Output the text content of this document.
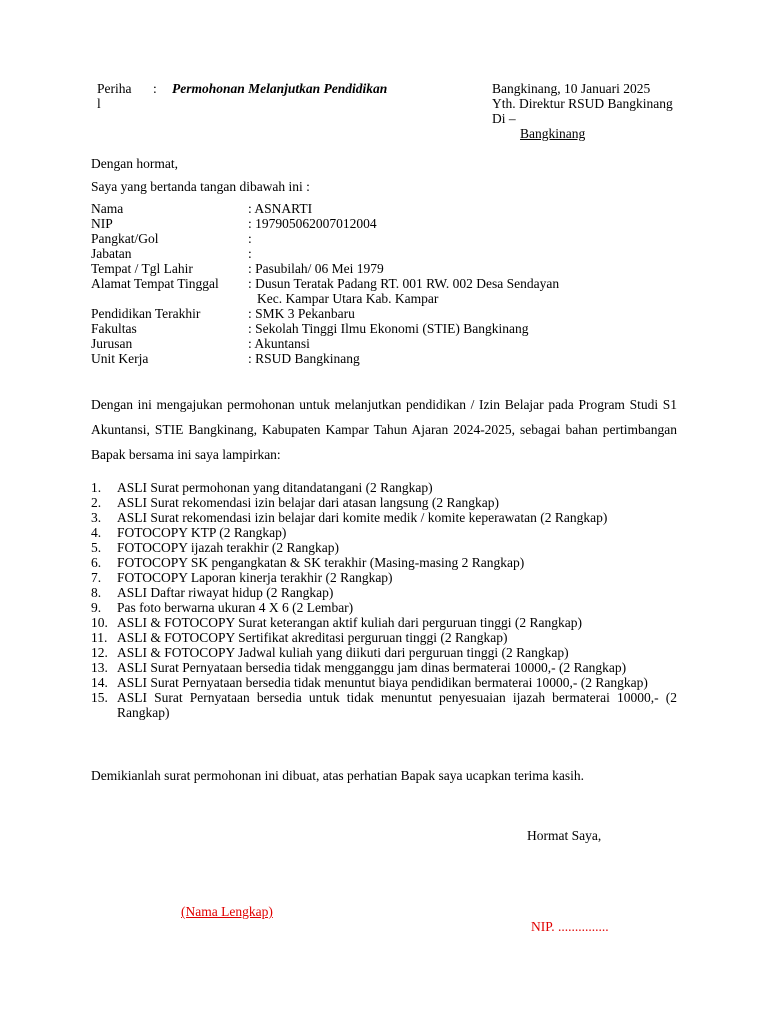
Periha
l
: Permohonan Melanjutkan Pendidikan	Bangkinang, 10 Januari 2025
Yth. Direktur RSUD Bangkinang
Di –
Bangkinang
Dengan hormat,
Saya yang bertanda tangan dibawah ini :
Nama	: ASNARTI
NIP	: 197905062007012004
Pangkat/Gol	:
Jabatan	:
Tempat / Tgl Lahir	: Pasubilah/ 06 Mei 1979
Alamat Tempat Tinggal : Dusun Teratak Padang RT. 001 RW. 002 Desa Sendayan
Kec. Kampar Utara Kab. Kampar
Pendidikan Terakhir	: SMK 3 Pekanbaru
Fakultas	: Sekolah Tinggi Ilmu Ekonomi (STIE) Bangkinang
Jurusan	: Akuntansi
Unit Kerja	: RSUD Bangkinang
Dengan ini mengajukan permohonan untuk melanjutkan pendidikan / Izin Belajar pada Program Studi S1 Akuntansi, STIE Bangkinang, Kabupaten Kampar Tahun Ajaran 2024-2025, sebagai bahan pertimbangan Bapak bersama ini saya lampirkan:
1. ASLI Surat permohonan yang ditandatangani (2 Rangkap)
2. ASLI Surat rekomendasi izin belajar dari atasan langsung (2 Rangkap)
3. ASLI Surat rekomendasi izin belajar dari komite medik / komite keperawatan (2 Rangkap)
4. FOTOCOPY KTP (2 Rangkap)
5. FOTOCOPY ijazah terakhir (2 Rangkap)
6. FOTOCOPY SK pengangkatan & SK terakhir (Masing-masing 2 Rangkap)
7. FOTOCOPY Laporan kinerja terakhir (2 Rangkap)
8. ASLI Daftar riwayat hidup (2 Rangkap)
9. Pas foto berwarna ukuran 4 X 6 (2 Lembar)
10. ASLI & FOTOCOPY Surat keterangan aktif kuliah dari perguruan tinggi (2 Rangkap)
11. ASLI & FOTOCOPY Sertifikat akreditasi perguruan tinggi (2 Rangkap)
12. ASLI & FOTOCOPY Jadwal kuliah yang diikuti dari perguruan tinggi (2 Rangkap)
13. ASLI Surat Pernyataan bersedia tidak mengganggu jam dinas bermaterai 10000,- (2 Rangkap)
14. ASLI Surat Pernyataan bersedia tidak menuntut biaya pendidikan bermaterai 10000,- (2 Rangkap)
15. ASLI Surat Pernyataan bersedia untuk tidak menuntut penyesuaian ijazah bermaterai 10000,- (2 Rangkap)
Demikianlah surat permohonan ini dibuat, atas perhatian Bapak saya ucapkan terima kasih.
Hormat Saya,
(Nama Lengkap)
NIP. ...............
